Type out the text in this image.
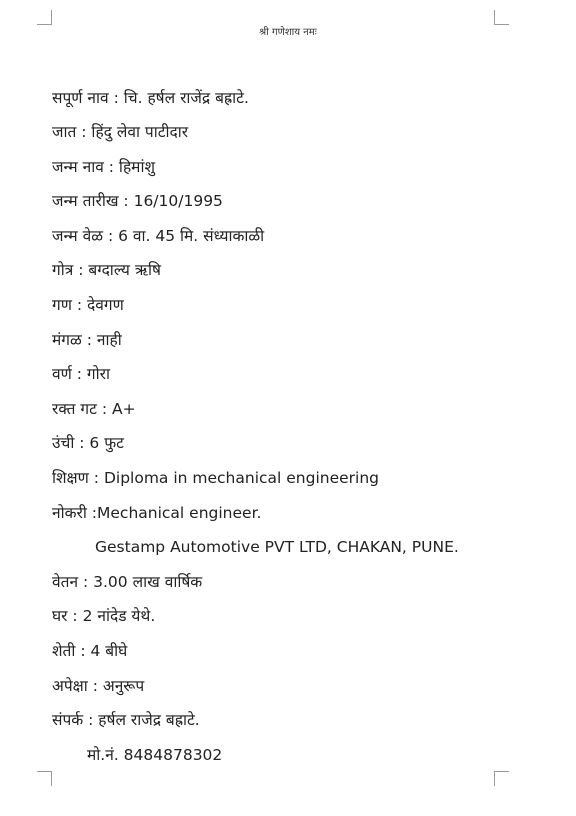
श्री गणेशाय नमः
सपूर्ण नाव : चि. हर्षल राजेंद्र बह्राटे.
जात : हिंदु लेवा पाटीदार
जन्म नाव : हिमांशु
जन्म तारीख : 16/10/1995
जन्म वेळ : 6 वा. 45 मि. संध्याकाळी
गोत्र : बग्दाल्य ऋषि
गण : देवगण
मंगळ : नाही
वर्ण : गोरा
रक्त गट : A+
उंची : 6 फुट
शिक्षण : Diploma in mechanical engineering
नोकरी :Mechanical engineer.
Gestamp Automotive PVT LTD, CHAKAN, PUNE.
वेतन : 3.00 लाख वार्षिक
घर : 2 नांदेड येथे.
शेती : 4 बीघे
अपेक्षा : अनुरूप
संपर्क : हर्षल राजेद्र बह्राटे.
मो.नं. 8484878302
